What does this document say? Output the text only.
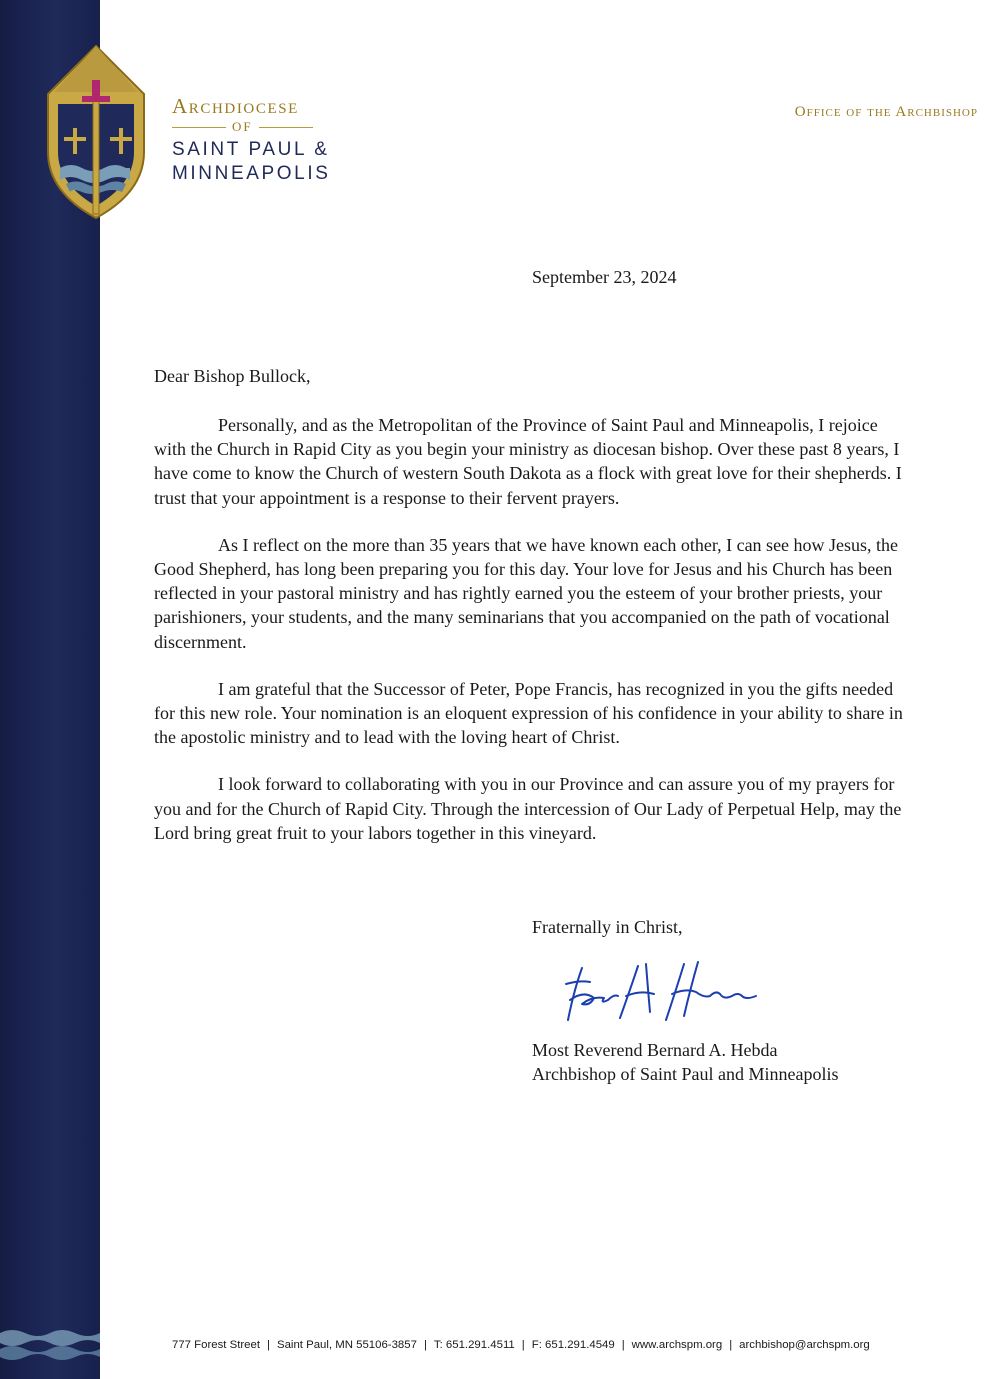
Archdiocese
OF
SAINT PAUL &
MINNEAPOLIS
Office of the Archbishop
September 23, 2024
Dear Bishop Bullock,

Personally, and as the Metropolitan of the Province of Saint Paul and Minneapolis, I rejoice with the Church in Rapid City as you begin your ministry as diocesan bishop. Over these past 8 years, I have come to know the Church of western South Dakota as a flock with great love for their shepherds. I trust that your appointment is a response to their fervent prayers.

As I reflect on the more than 35 years that we have known each other, I can see how Jesus, the Good Shepherd, has long been preparing you for this day. Your love for Jesus and his Church has been reflected in your pastoral ministry and has rightly earned you the esteem of your brother priests, your parishioners, your students, and the many seminarians that you accompanied on the path of vocational discernment.

I am grateful that the Successor of Peter, Pope Francis, has recognized in you the gifts needed for this new role. Your nomination is an eloquent expression of his confidence in your ability to share in the apostolic ministry and to lead with the loving heart of Christ.

I look forward to collaborating with you in our Province and can assure you of my prayers for you and for the Church of Rapid City. Through the intercession of Our Lady of Perpetual Help, may the Lord bring great fruit to your labors together in this vineyard.

Fraternally in Christ,
Most Reverend Bernard A. Hebda
Archbishop of Saint Paul and Minneapolis
777 Forest Street | Saint Paul, MN 55106-3857 | T: 651.291.4511 | F: 651.291.4549 | www.archspm.org | archbishop@archspm.org
